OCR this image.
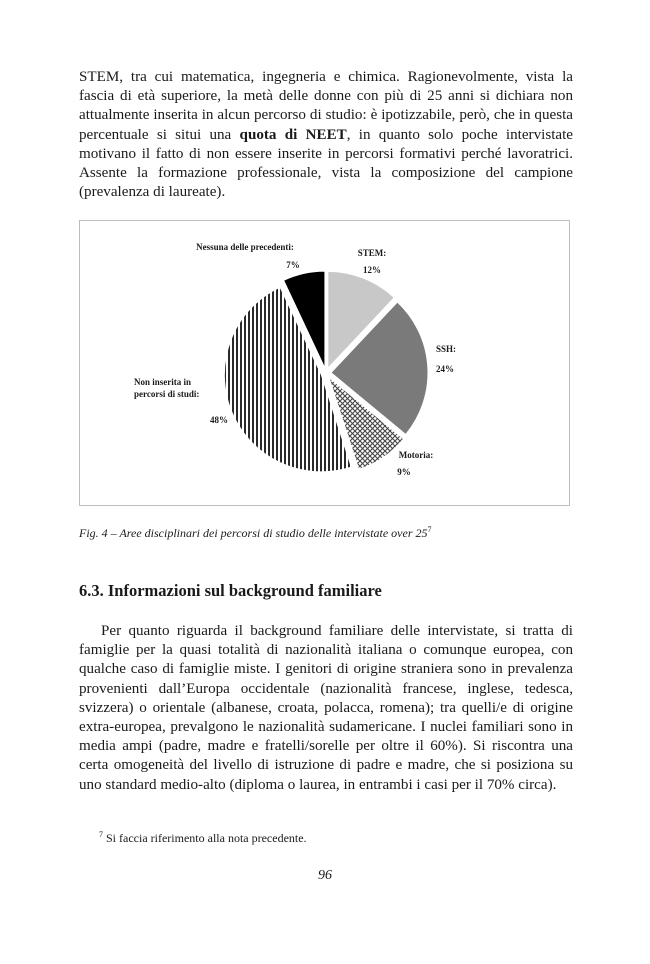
STEM, tra cui matematica, ingegneria e chimica. Ragionevolmente, vista la fascia di età superiore, la metà delle donne con più di 25 anni si dichiara non attualmente inserita in alcun percorso di studio: è ipotizzabile, però, che in questa percentuale si situi una quota di NEET, in quanto solo poche intervistate motivano il fatto di non essere inserite in percorsi formativi perché lavoratrici. Assente la formazione professionale, vista la composizione del campione (prevalenza di laureate).

STEM:
12%
SSH:
24%
Motoria:
9%
Non inserita in percorsi di studi:
48%
Nessuna delle precedenti:
7%
Fig. 4 – Aree disciplinari dei percorsi di studio delle intervistate over $25^7$
6.3. Informazioni sul background familiare

Per quanto riguarda il background familiare delle intervistate, si tratta di famiglie per la quasi totalità di nazionalità italiana o comunque europea, con qualche caso di famiglie miste. I genitori di origine straniera sono in prevalenza provenienti dall’Europa occidentale (nazionalità francese, inglese, tedesca, svizzera) o orientale (albanese, croata, polacca, romena); tra quelli/e di origine extra-europea, prevalgono le nazionalità sudamericane. I nuclei familiari sono in media ampi (padre, madre e fratelli/sorelle per oltre il 60%). Si riscontra una certa omogeneità del livello di istruzione di padre e madre, che si posiziona su uno standard medio-alto (diploma o laurea, in entrambi i casi per il 70% circa).

$^7$ Si faccia riferimento alla nota precedente.
96
